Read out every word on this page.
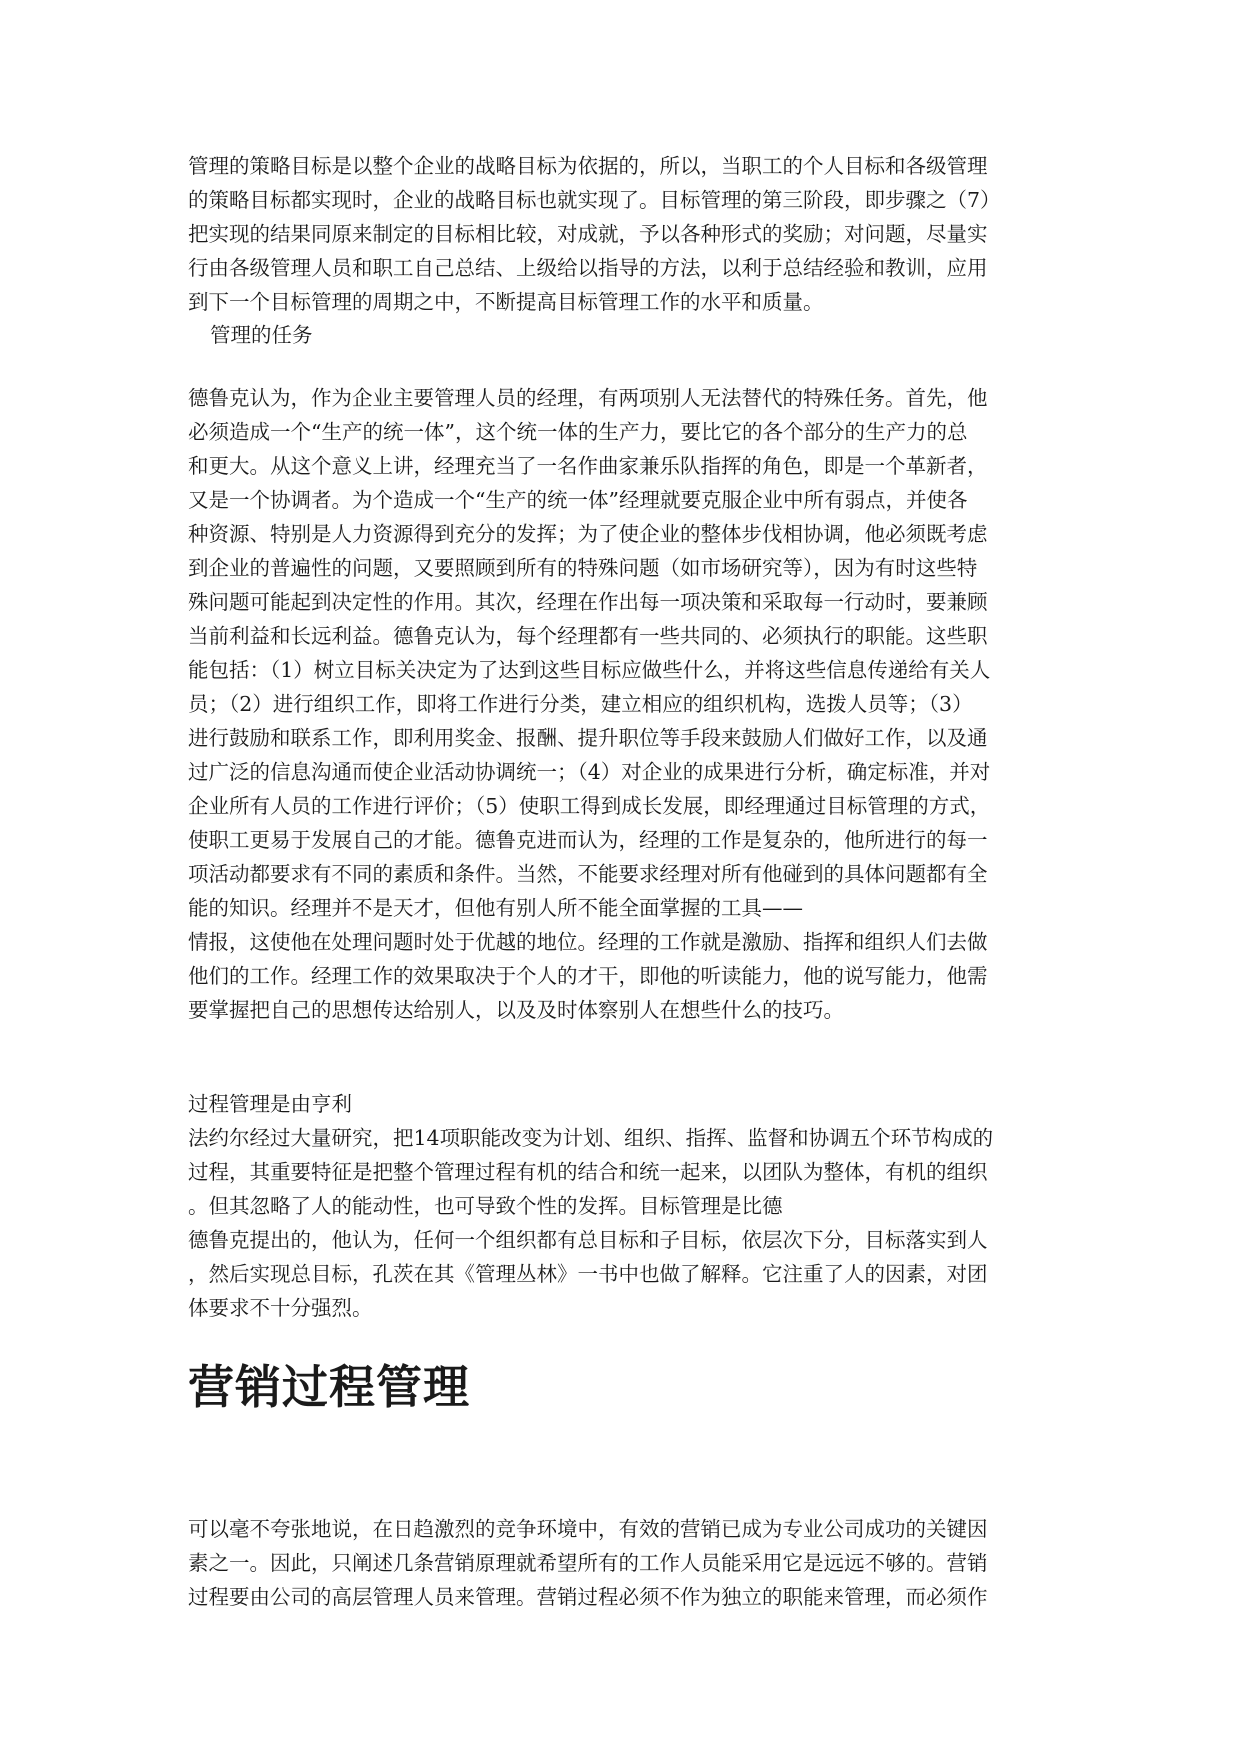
管理的策略目标是以整个企业的战略目标为依据的，所以，当职工的个人目标和各级管理
的策略目标都实现时，企业的战略目标也就实现了。目标管理的第三阶段，即步骤之（7）
把实现的结果同原来制定的目标相比较，对成就，予以各种形式的奖励；对问题，尽量实
行由各级管理人员和职工自己总结、上级给以指导的方法，以利于总结经验和教训，应用
到下一个目标管理的周期之中，不断提高目标管理工作的水平和质量。
管理的任务
德鲁克认为，作为企业主要管理人员的经理，有两项别人无法替代的特殊任务。首先，他
必须造成一个“生产的统一体”，这个统一体的生产力，要比它的各个部分的生产力的总
和更大。从这个意义上讲，经理充当了一名作曲家兼乐队指挥的角色，即是一个革新者，
又是一个协调者。为个造成一个“生产的统一体”经理就要克服企业中所有弱点，并使各
种资源、特别是人力资源得到充分的发挥；为了使企业的整体步伐相协调，他必须既考虑
到企业的普遍性的问题，又要照顾到所有的特殊问题（如市场研究等），因为有时这些特
殊问题可能起到决定性的作用。其次，经理在作出每一项决策和采取每一行动时，要兼顾
当前利益和长远利益。德鲁克认为，每个经理都有一些共同的、必须执行的职能。这些职
能包括：（1）树立目标关决定为了达到这些目标应做些什么，并将这些信息传递给有关人
员；（2）进行组织工作，即将工作进行分类，建立相应的组织机构，选拨人员等；（3）
进行鼓励和联系工作，即利用奖金、报酬、提升职位等手段来鼓励人们做好工作，以及通
过广泛的信息沟通而使企业活动协调统一；（4）对企业的成果进行分析，确定标准，并对
企业所有人员的工作进行评价；（5）使职工得到成长发展，即经理通过目标管理的方式，
使职工更易于发展自己的才能。德鲁克进而认为，经理的工作是复杂的，他所进行的每一
项活动都要求有不同的素质和条件。当然，不能要求经理对所有他碰到的具体问题都有全
能的知识。经理并不是天才，但他有别人所不能全面掌握的工具——
情报，这使他在处理问题时处于优越的地位。经理的工作就是激励、指挥和组织人们去做
他们的工作。经理工作的效果取决于个人的才干，即他的听读能力，他的说写能力，他需
要掌握把自己的思想传达给别人，以及及时体察别人在想些什么的技巧。
过程管理是由亨利
法约尔经过大量研究，把14项职能改变为计划、组织、指挥、监督和协调五个环节构成的
过程，其重要特征是把整个管理过程有机的结合和统一起来，以团队为整体，有机的组织
。但其忽略了人的能动性，也可导致个性的发挥。目标管理是比德
德鲁克提出的，他认为，任何一个组织都有总目标和子目标，依层次下分，目标落实到人
，然后实现总目标，孔茨在其《管理丛林》一书中也做了解释。它注重了人的因素，对团
体要求不十分强烈。
营销过程管理
可以毫不夸张地说，在日趋激烈的竞争环境中，有效的营销已成为专业公司成功的关键因
素之一。因此，只阐述几条营销原理就希望所有的工作人员能采用它是远远不够的。营销
过程要由公司的高层管理人员来管理。营销过程必须不作为独立的职能来管理，而必须作
